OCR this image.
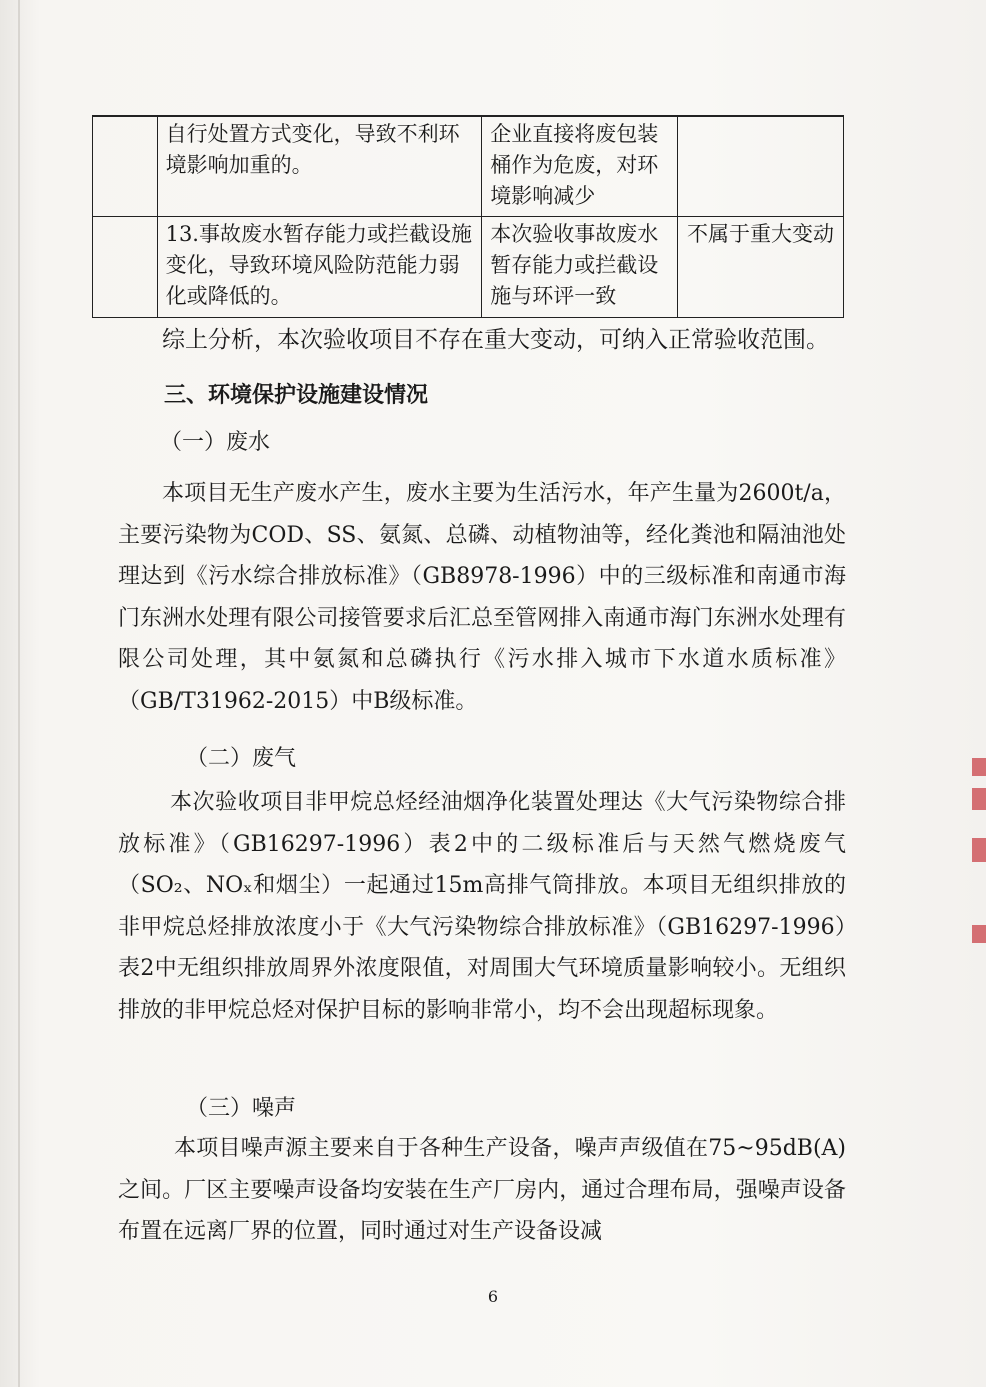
	自行处置方式变化，导致不利环境影响加重的。	企业直接将废包装桶作为危废，对环境影响减少	
	13.事故废水暂存能力或拦截设施变化，导致环境风险防范能力弱化或降低的。	本次验收事故废水暂存能力或拦截设施与环评一致	不属于重大变动
综上分析，本次验收项目不存在重大变动，可纳入正常验收范围。
三、环境保护设施建设情况
（一）废水
本项目无生产废水产生，废水主要为生活污水，年产生量为2600t/a，主要污染物为COD、SS、氨氮、总磷、动植物油等，经化粪池和隔油池处理达到《污水综合排放标准》（GB8978-1996）中的三级标准和南通市海门东洲水处理有限公司接管要求后汇总至管网排入南通市海门东洲水处理有限公司处理，其中氨氮和总磷执行《污水排入城市下水道水质标准》（GB/T31962-2015）中B级标准。
（二）废气
本次验收项目非甲烷总烃经油烟净化装置处理达《大气污染物综合排放标准》（GB16297-1996）表2中的二级标准后与天然气燃烧废气（SO₂、NOₓ和烟尘）一起通过15m高排气筒排放。本项目无组织排放的非甲烷总烃排放浓度小于《大气污染物综合排放标准》（GB16297-1996）表2中无组织排放周界外浓度限值，对周围大气环境质量影响较小。无组织排放的非甲烷总烃对保护目标的影响非常小，均不会出现超标现象。
（三）噪声
本项目噪声源主要来自于各种生产设备，噪声声级值在75~95dB(A)之间。厂区主要噪声设备均安装在生产厂房内，通过合理布局，强噪声设备布置在远离厂界的位置，同时通过对生产设备设减
6
